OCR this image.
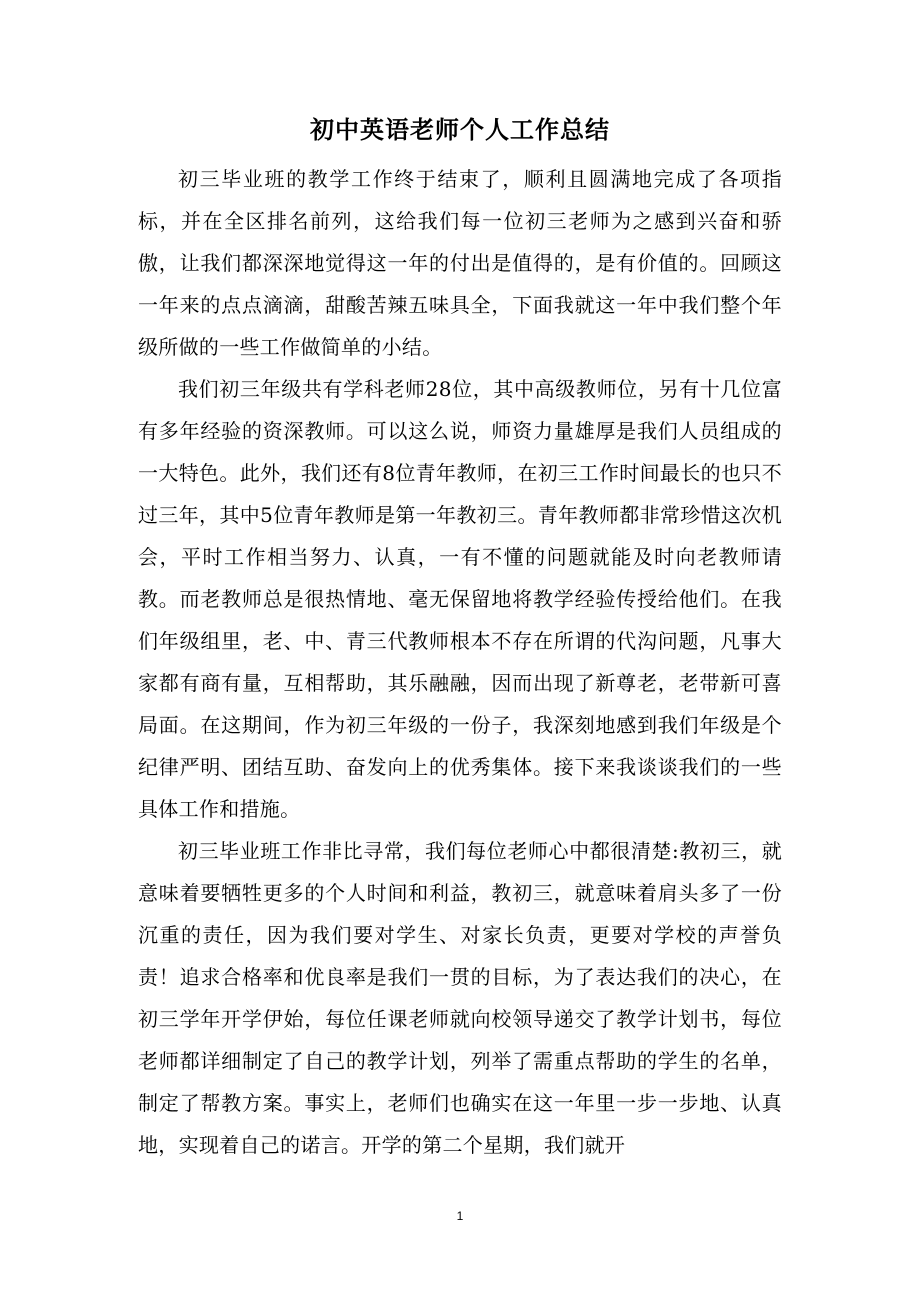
初中英语老师个人工作总结

初三毕业班的教学工作终于结束了，顺利且圆满地完成了各项指标，并在全区排名前列，这给我们每一位初三老师为之感到兴奋和骄傲，让我们都深深地觉得这一年的付出是值得的，是有价值的。回顾这一年来的点点滴滴，甜酸苦辣五味具全，下面我就这一年中我们整个年级所做的一些工作做简单的小结。

我们初三年级共有学科老师28位，其中高级教师位，另有十几位富有多年经验的资深教师。可以这么说，师资力量雄厚是我们人员组成的一大特色。此外，我们还有8位青年教师，在初三工作时间最长的也只不过三年，其中5位青年教师是第一年教初三。青年教师都非常珍惜这次机会，平时工作相当努力、认真，一有不懂的问题就能及时向老教师请教。而老教师总是很热情地、毫无保留地将教学经验传授给他们。在我们年级组里，老、中、青三代教师根本不存在所谓的代沟问题，凡事大家都有商有量，互相帮助，其乐融融，因而出现了新尊老，老带新可喜局面。在这期间，作为初三年级的一份子，我深刻地感到我们年级是个纪律严明、团结互助、奋发向上的优秀集体。接下来我谈谈我们的一些具体工作和措施。

初三毕业班工作非比寻常，我们每位老师心中都很清楚:教初三，就意味着要牺牲更多的个人时间和利益，教初三，就意味着肩头多了一份沉重的责任，因为我们要对学生、对家长负责，更要对学校的声誉负责！追求合格率和优良率是我们一贯的目标，为了表达我们的决心，在初三学年开学伊始，每位任课老师就向校领导递交了教学计划书，每位老师都详细制定了自己的教学计划，列举了需重点帮助的学生的名单，制定了帮教方案。事实上，老师们也确实在这一年里一步一步地、认真地，实现着自己的诺言。开学的第二个星期，我们就开

1
